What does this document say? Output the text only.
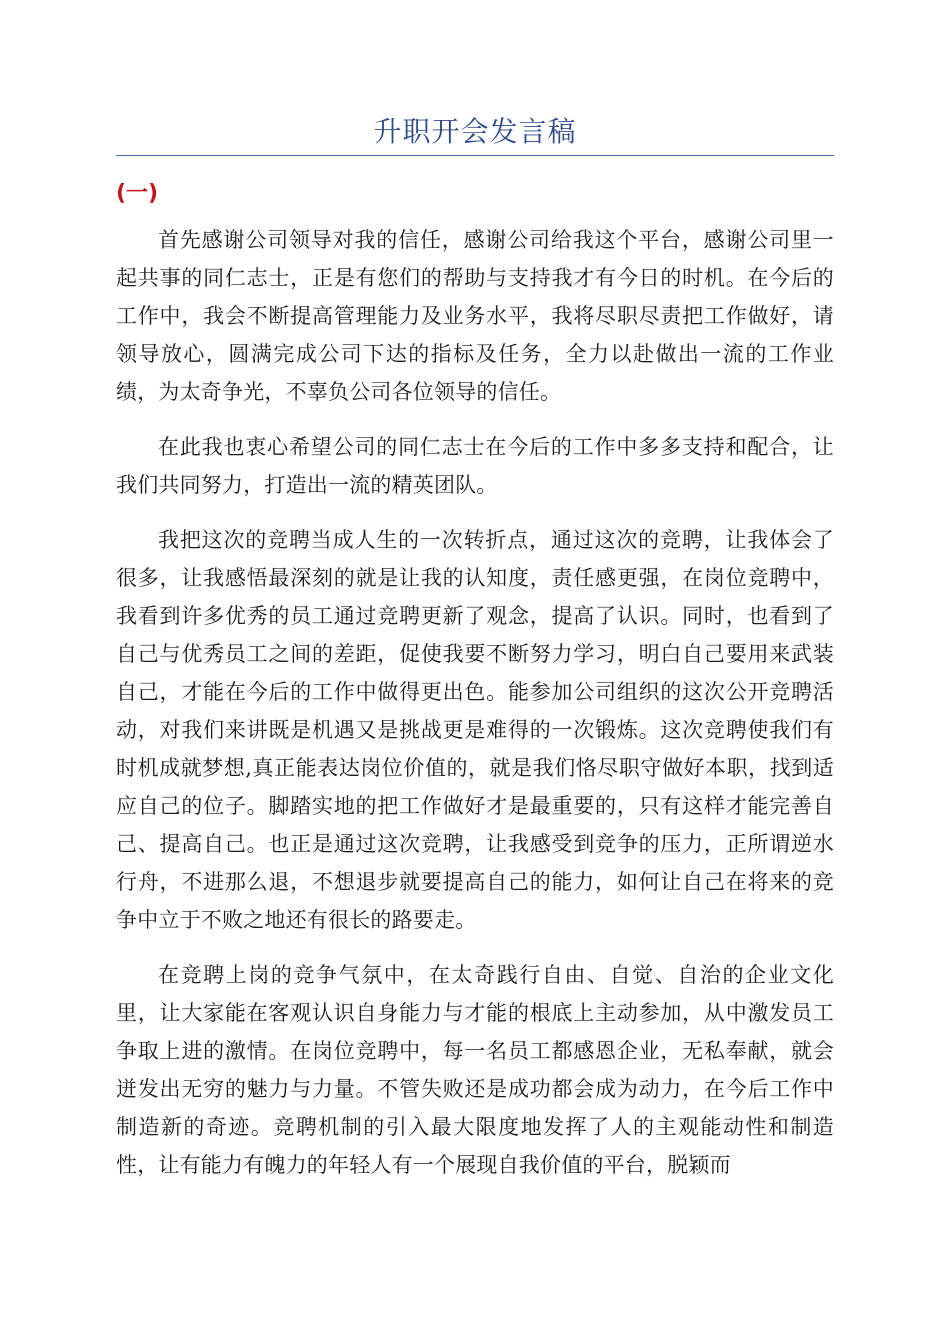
升职开会发言稿
(一)

首先感谢公司领导对我的信任，感谢公司给我这个平台，感谢公司里一起共事的同仁志士，正是有您们的帮助与支持我才有今日的时机。在今后的工作中，我会不断提高管理能力及业务水平，我将尽职尽责把工作做好，请领导放心，圆满完成公司下达的指标及任务，全力以赴做出一流的工作业绩，为太奇争光，不辜负公司各位领导的信任。

在此我也衷心希望公司的同仁志士在今后的工作中多多支持和配合，让我们共同努力，打造出一流的精英团队。

我把这次的竞聘当成人生的一次转折点，通过这次的竞聘，让我体会了很多，让我感悟最深刻的就是让我的认知度，责任感更强，在岗位竞聘中，我看到许多优秀的员工通过竞聘更新了观念，提高了认识。同时，也看到了自己与优秀员工之间的差距，促使我要不断努力学习，明白自己要用来武装自己，才能在今后的工作中做得更出色。能参加公司组织的这次公开竞聘活动，对我们来讲既是机遇又是挑战更是难得的一次锻炼。这次竞聘使我们有时机成就梦想,真正能表达岗位价值的，就是我们恪尽职守做好本职，找到适应自己的位子。脚踏实地的把工作做好才是最重要的，只有这样才能完善自己、提高自己。也正是通过这次竞聘，让我感受到竞争的压力，正所谓逆水行舟，不进那么退，不想退步就要提高自己的能力，如何让自己在将来的竞争中立于不败之地还有很长的路要走。

在竞聘上岗的竞争气氛中，在太奇践行自由、自觉、自治的企业文化里，让大家能在客观认识自身能力与才能的根底上主动参加，从中激发员工争取上进的激情。在岗位竞聘中，每一名员工都感恩企业，无私奉献，就会迸发出无穷的魅力与力量。不管失败还是成功都会成为动力，在今后工作中制造新的奇迹。竞聘机制的引入最大限度地发挥了人的主观能动性和制造性，让有能力有魄力的年轻人有一个展现自我价值的平台，脱颖而
